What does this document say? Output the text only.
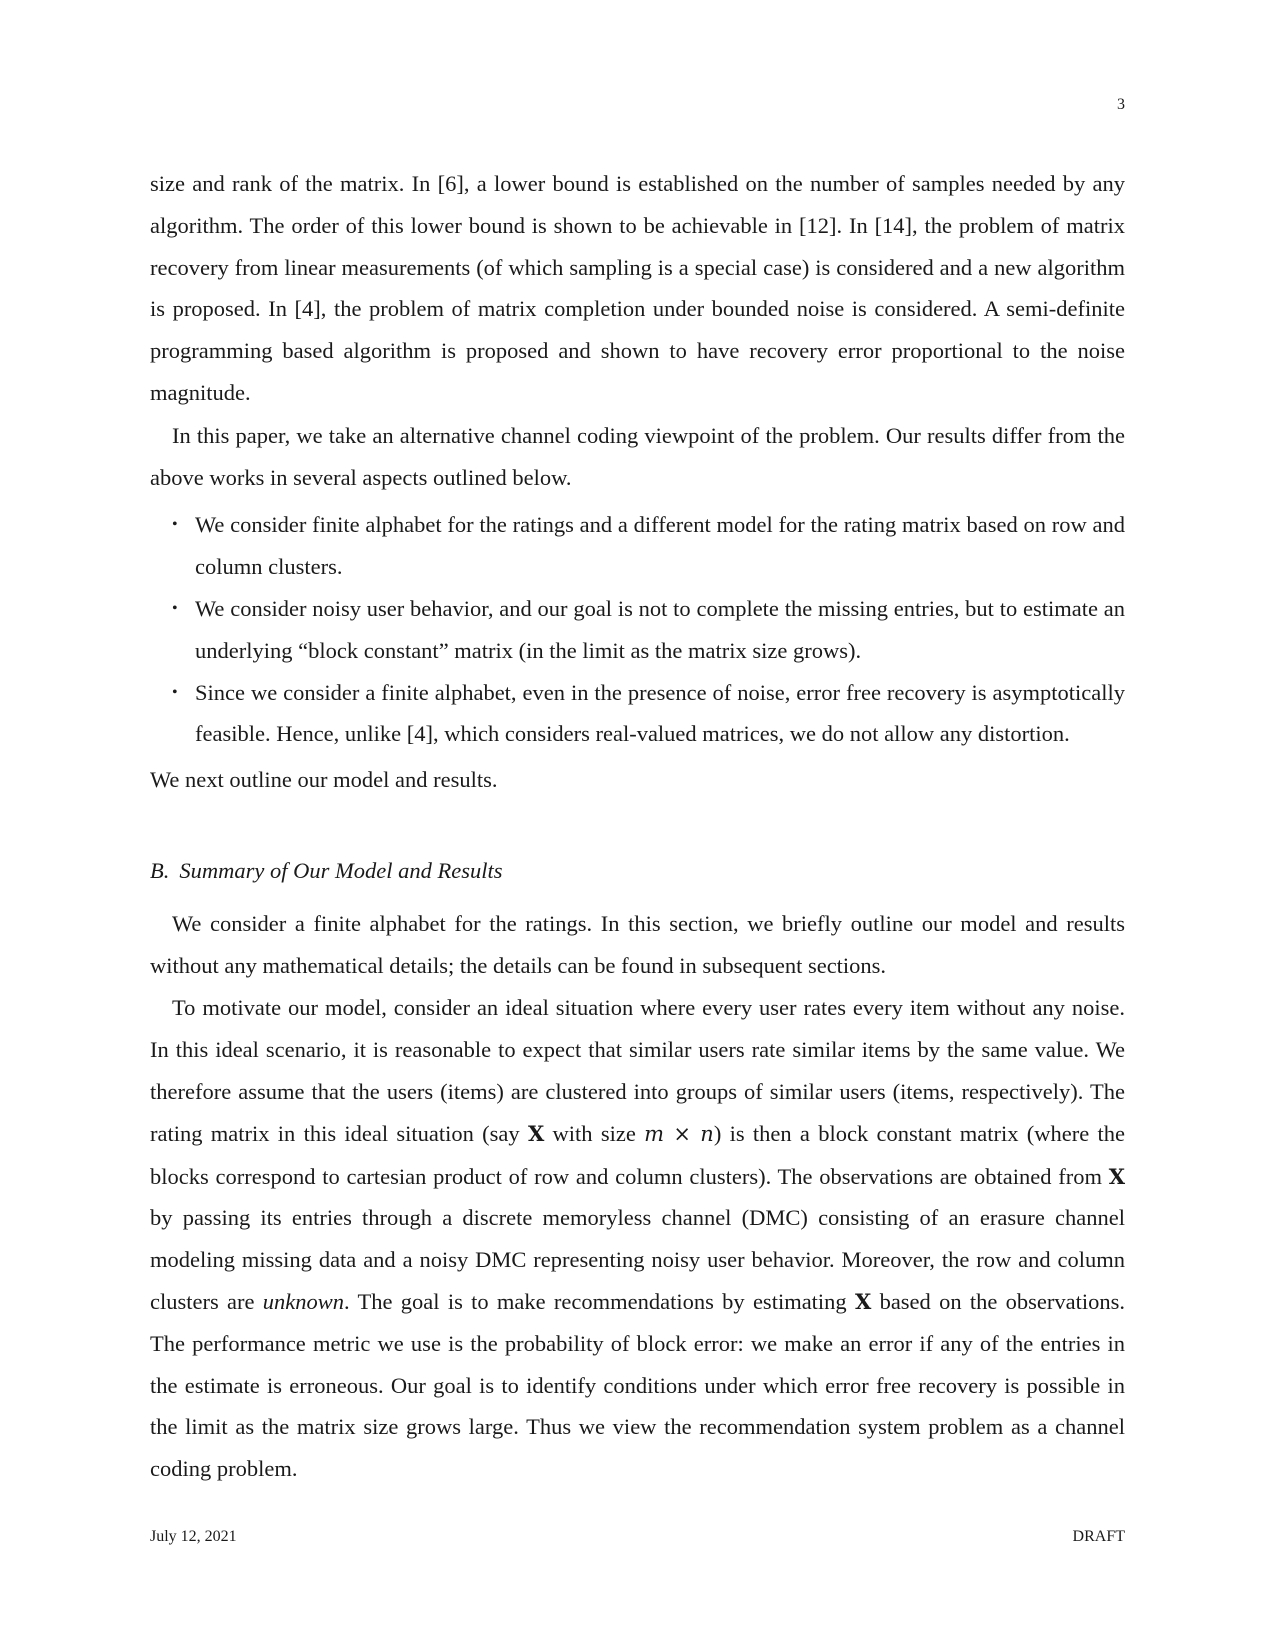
3

size and rank of the matrix. In [6], a lower bound is established on the number of samples needed by any algorithm. The order of this lower bound is shown to be achievable in [12]. In [14], the problem of matrix recovery from linear measurements (of which sampling is a special case) is considered and a new algorithm is proposed. In [4], the problem of matrix completion under bounded noise is considered. A semi-definite programming based algorithm is proposed and shown to have recovery error proportional to the noise magnitude.

In this paper, we take an alternative channel coding viewpoint of the problem. Our results differ from the above works in several aspects outlined below.

• We consider finite alphabet for the ratings and a different model for the rating matrix based on row and column clusters.
• We consider noisy user behavior, and our goal is not to complete the missing entries, but to estimate an underlying “block constant” matrix (in the limit as the matrix size grows).
• Since we consider a finite alphabet, even in the presence of noise, error free recovery is asymptotically feasible. Hence, unlike [4], which considers real-valued matrices, we do not allow any distortion.

We next outline our model and results.

B. Summary of Our Model and Results

We consider a finite alphabet for the ratings. In this section, we briefly outline our model and results without any mathematical details; the details can be found in subsequent sections.

To motivate our model, consider an ideal situation where every user rates every item without any noise. In this ideal scenario, it is reasonable to expect that similar users rate similar items by the same value. We therefore assume that the users (items) are clustered into groups of similar users (items, respectively). The rating matrix in this ideal situation (say X with size m × n) is then a block constant matrix (where the blocks correspond to cartesian product of row and column clusters). The observations are obtained from X by passing its entries through a discrete memoryless channel (DMC) consisting of an erasure channel modeling missing data and a noisy DMC representing noisy user behavior. Moreover, the row and column clusters are unknown. The goal is to make recommendations by estimating X based on the observations. The performance metric we use is the probability of block error: we make an error if any of the entries in the estimate is erroneous. Our goal is to identify conditions under which error free recovery is possible in the limit as the matrix size grows large. Thus we view the recommendation system problem as a channel coding problem.

July 12, 2021	DRAFT
